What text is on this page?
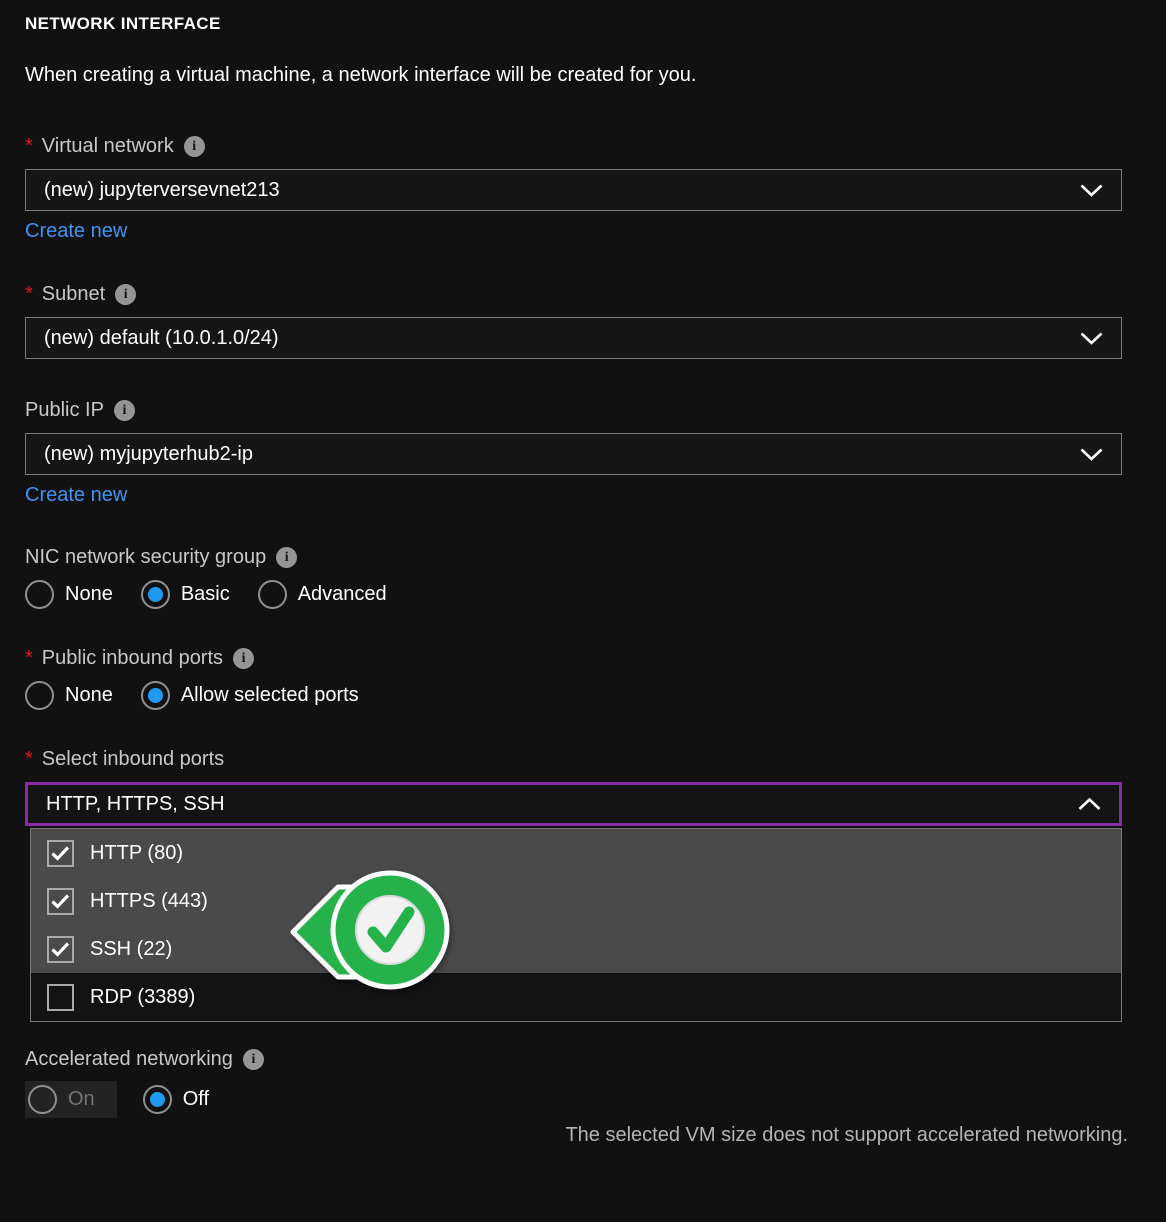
NETWORK INTERFACE

When creating a virtual machine, a network interface will be created for you.

* Virtual network	i
(new) jupyterversevnet213
Create new
* Subnet	i
(new) default (10.0.1.0/24)
Public IP	i
(new) myjupyterhub2-ip
Create new
NIC network security group	i
None	Basic	Advanced
* Public inbound ports	i
None	Allow selected ports
* Select inbound ports
HTTP, HTTPS, SSH
HTTP (80)
HTTPS (443)
SSH (22)
RDP (3389)
Accelerated networking	i
On	Off
The selected VM size does not support accelerated networking.
